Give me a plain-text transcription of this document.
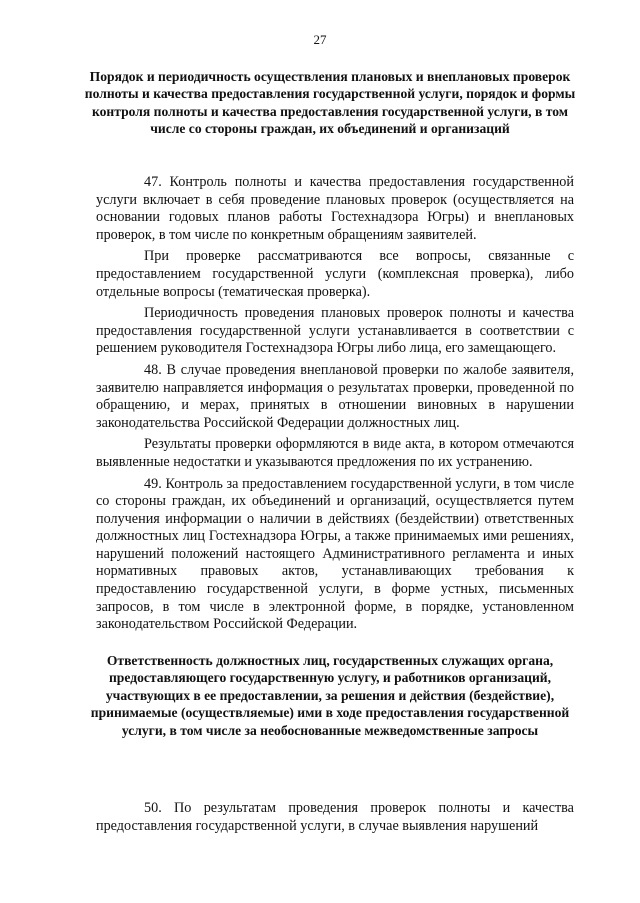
27
Порядок и периодичность осуществления плановых и внеплановых проверок полноты и качества предоставления государственной услуги, порядок и формы контроля полноты и качества предоставления государственной услуги, в том числе со стороны граждан, их объединений и организаций

47. Контроль полноты и качества предоставления государственной услуги включает в себя проведение плановых проверок (осуществляется на основании годовых планов работы Гостехнадзора Югры) и внеплановых проверок, в том числе по конкретным обращениям заявителей.

При проверке рассматриваются все вопросы, связанные с предоставлением государственной услуги (комплексная проверка), либо отдельные вопросы (тематическая проверка).

Периодичность проведения плановых проверок полноты и качества предоставления государственной услуги устанавливается в соответствии с решением руководителя Гостехнадзора Югры либо лица, его замещающего.

48. В случае проведения внеплановой проверки по жалобе заявителя, заявителю направляется информация о результатах проверки, проведенной по обращению, и мерах, принятых в отношении виновных в нарушении законодательства Российской Федерации должностных лиц.

Результаты проверки оформляются в виде акта, в котором отмечаются выявленные недостатки и указываются предложения по их устранению.

49. Контроль за предоставлением государственной услуги, в том числе со стороны граждан, их объединений и организаций, осуществляется путем получения информации о наличии в действиях (бездействии) ответственных должностных лиц Гостехнадзора Югры, а также принимаемых ими решениях, нарушений положений настоящего Административного регламента и иных нормативных правовых актов, устанавливающих требования к предоставлению государственной услуги, в форме устных, письменных запросов, в том числе в электронной форме, в порядке, установленном законодательством Российской Федерации.

Ответственность должностных лиц, государственных служащих органа, предоставляющего государственную услугу, и работников организаций, участвующих в ее предоставлении, за решения и действия (бездействие), принимаемые (осуществляемые) ими в ходе предоставления государственной услуги, в том числе за необоснованные межведомственные запросы

50. По результатам проведения проверок полноты и качества предоставления государственной услуги, в случае выявления нарушений
